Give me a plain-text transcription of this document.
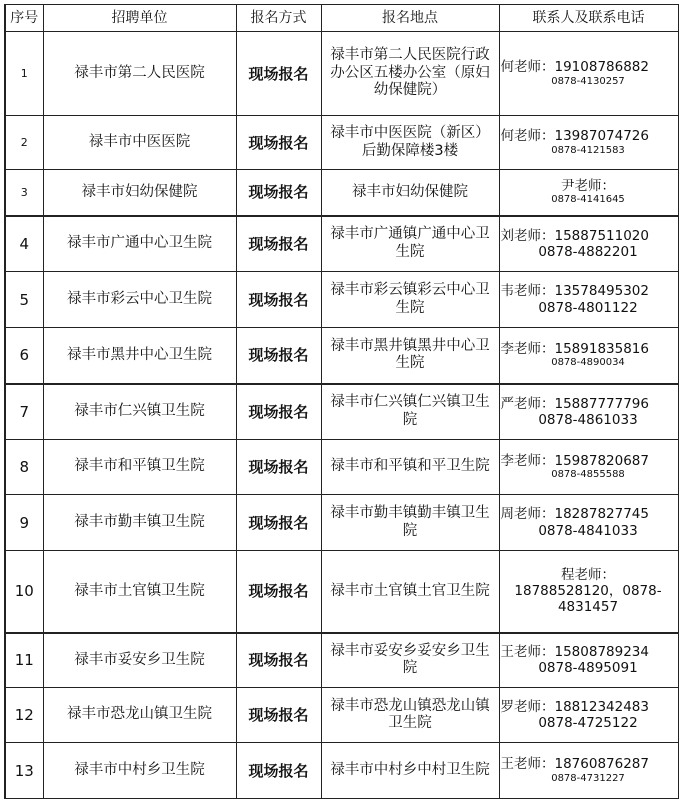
序号	招聘单位	报名方式	报名地点	联系人及联系电话
1	禄丰市第二人民医院	现场报名	禄丰市第二人民医院行政办公区五楼办公室（原妇幼保健院）	何老师：19108786882
0878-4130257

2	禄丰市中医医院	现场报名	禄丰市中医医院（新区）后勤保障楼3楼	何老师：13987074726
0878-4121583

3	禄丰市妇幼保健院	现场报名	禄丰市妇幼保健院	尹老师：
0878-4141645

4	禄丰市广通中心卫生院	现场报名	禄丰市广通镇广通中心卫生院	刘老师：15887511020
0878-4882201

5	禄丰市彩云中心卫生院	现场报名	禄丰市彩云镇彩云中心卫生院	韦老师：13578495302
0878-4801122

6	禄丰市黑井中心卫生院	现场报名	禄丰市黑井镇黑井中心卫生院	李老师：15891835816
0878-4890034

7	禄丰市仁兴镇卫生院	现场报名	禄丰市仁兴镇仁兴镇卫生院	严老师：15887777796
0878-4861033

8	禄丰市和平镇卫生院	现场报名	禄丰市和平镇和平卫生院	李老师：15987820687
0878-4855588

9	禄丰市勤丰镇卫生院	现场报名	禄丰市勤丰镇勤丰镇卫生院	周老师：18287827745
0878-4841033

10	禄丰市土官镇卫生院	现场报名	禄丰市土官镇土官卫生院	程老师：
18788528120，0878-4831457

11	禄丰市妥安乡卫生院	现场报名	禄丰市妥安乡妥安乡卫生院	王老师：15808789234
0878-4895091

12	禄丰市恐龙山镇卫生院	现场报名	禄丰市恐龙山镇恐龙山镇卫生院	罗老师：18812342483
0878-4725122

13	禄丰市中村乡卫生院	现场报名	禄丰市中村乡中村卫生院	王老师：18760876287
0878-4731227
